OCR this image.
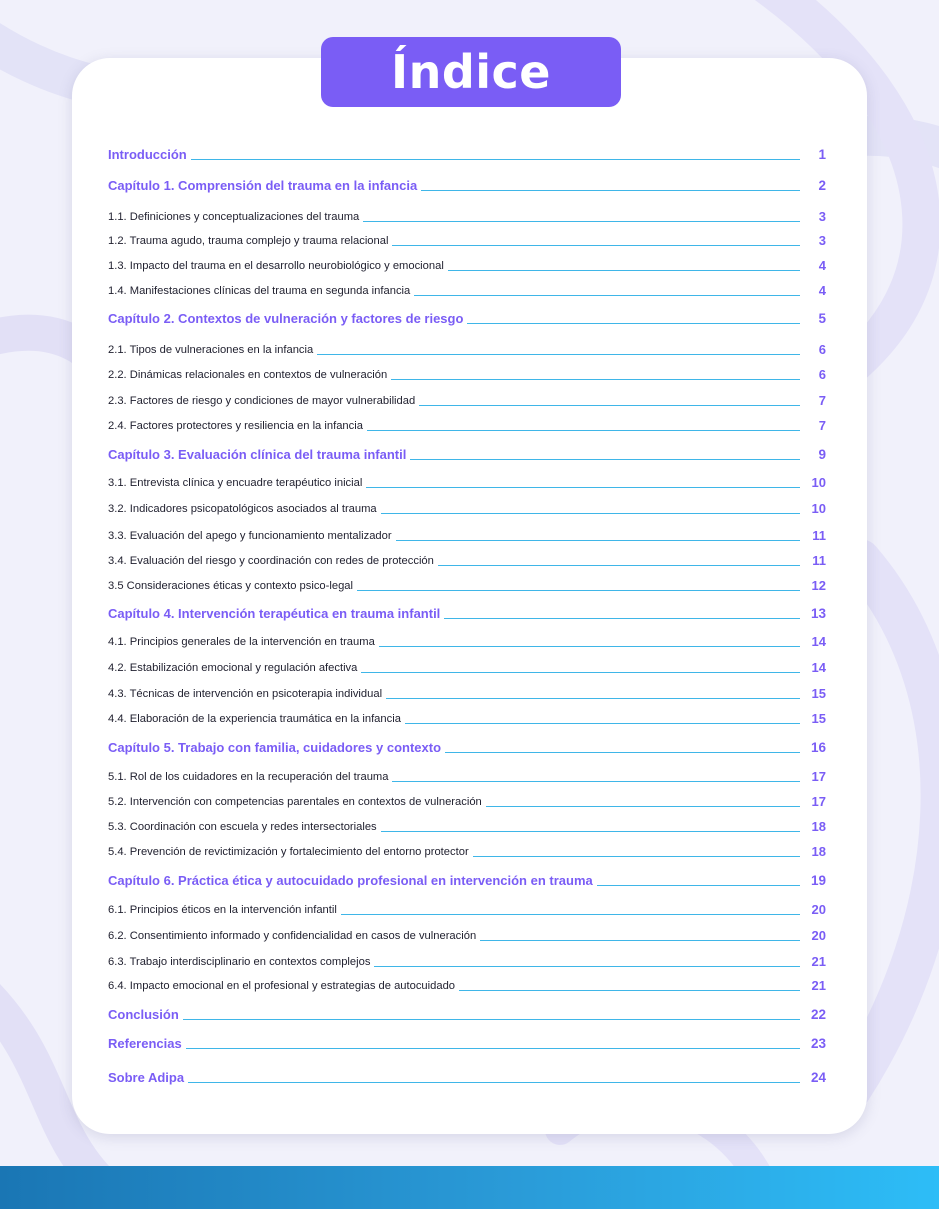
Índice
Introducción	1
Capítulo 1. Comprensión del trauma en la infancia	2
1.1. Definiciones y conceptualizaciones del trauma	3
1.2. Trauma agudo, trauma complejo y trauma relacional	3
1.3. Impacto del trauma en el desarrollo neurobiológico y emocional	4
1.4. Manifestaciones clínicas del trauma en segunda infancia	4
Capítulo 2. Contextos de vulneración y factores de riesgo	5
2.1. Tipos de vulneraciones en la infancia	6
2.2. Dinámicas relacionales en contextos de vulneración	6
2.3. Factores de riesgo y condiciones de mayor vulnerabilidad	7
2.4. Factores protectores y resiliencia en la infancia	7
Capítulo 3. Evaluación clínica del trauma infantil	9
3.1. Entrevista clínica y encuadre terapéutico inicial	10
3.2. Indicadores psicopatológicos asociados al trauma	10
3.3. Evaluación del apego y funcionamiento mentalizador	11
3.4. Evaluación del riesgo y coordinación con redes de protección	11
3.5 Consideraciones éticas y contexto psico-legal	12
Capítulo 4. Intervención terapéutica en trauma infantil	13
4.1. Principios generales de la intervención en trauma	14
4.2. Estabilización emocional y regulación afectiva	14
4.3. Técnicas de intervención en psicoterapia individual	15
4.4. Elaboración de la experiencia traumática en la infancia	15
Capítulo 5. Trabajo con familia, cuidadores y contexto	16
5.1. Rol de los cuidadores en la recuperación del trauma	17
5.2. Intervención con competencias parentales en contextos de vulneración	17
5.3. Coordinación con escuela y redes intersectoriales	18
5.4. Prevención de revictimización y fortalecimiento del entorno protector	18
Capítulo 6. Práctica ética y autocuidado profesional en intervención en trauma	19
6.1. Principios éticos en la intervención infantil	20
6.2. Consentimiento informado y confidencialidad en casos de vulneración	20
6.3. Trabajo interdisciplinario en contextos complejos	21
6.4. Impacto emocional en el profesional y estrategias de autocuidado	21
Conclusión	22
Referencias	23
Sobre Adipa	24
